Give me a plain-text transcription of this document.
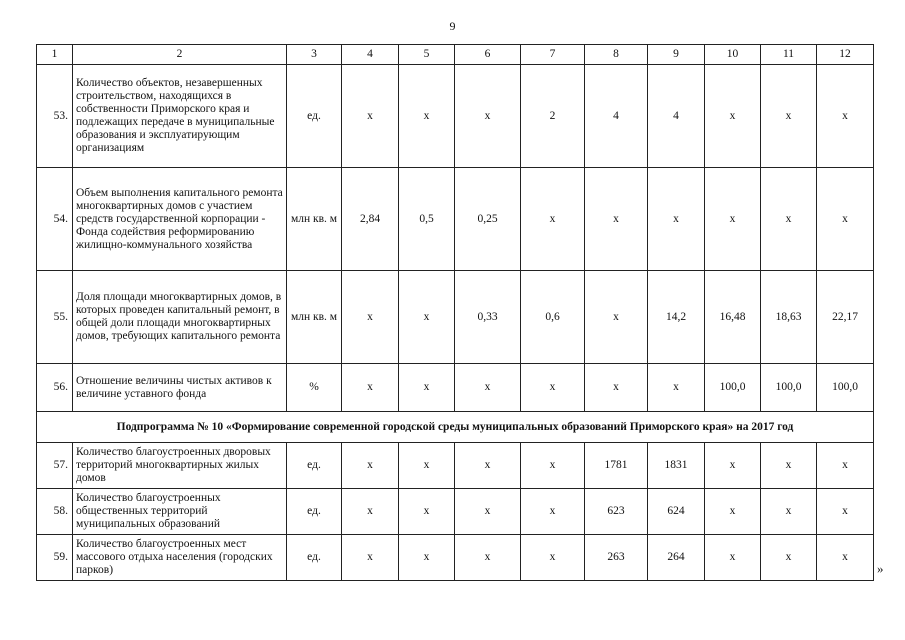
9
1	2	3	4	5	6	7	8	9	10	11	12
53.	Количество объектов, незавершенных строительством, находящихся в собственности Приморского края и подлежащих передаче в муниципальные образования и эксплуатирующим организациям	ед.	х	х	х	2	4	4	х	х	х
54.	Объем выполнения капитального ремонта многоквартирных домов с участием средств государственной корпорации - Фонда содействия реформированию жилищно-коммунального хозяйства	млн кв. м	2,84	0,5	0,25	х	х	х	х	х	х
55.	Доля площади многоквартирных домов, в которых проведен капитальный ремонт, в общей доли площади многоквартирных домов, требующих капитального ремонта	млн кв. м	х	х	0,33	0,6	х	14,2	16,48	18,63	22,17
56.	Отношение величины чистых активов к величине уставного фонда	%	х	х	х	х	х	х	100,0	100,0	100,0
Подпрограмма № 10 «Формирование современной городской среды муниципальных образований Приморского края» на 2017 год											
57.	Количество благоустроенных дворовых территорий многоквартирных жилых домов	ед.	х	х	х	х	1781	1831	х	х	х
58.	Количество благоустроенных общественных территорий муниципальных образований	ед.	х	х	х	х	623	624	х	х	х
59.	Количество благоустроенных мест массового отдыха населения (городских парков)	ед.	х	х	х	х	263	264	х	х	х
»
